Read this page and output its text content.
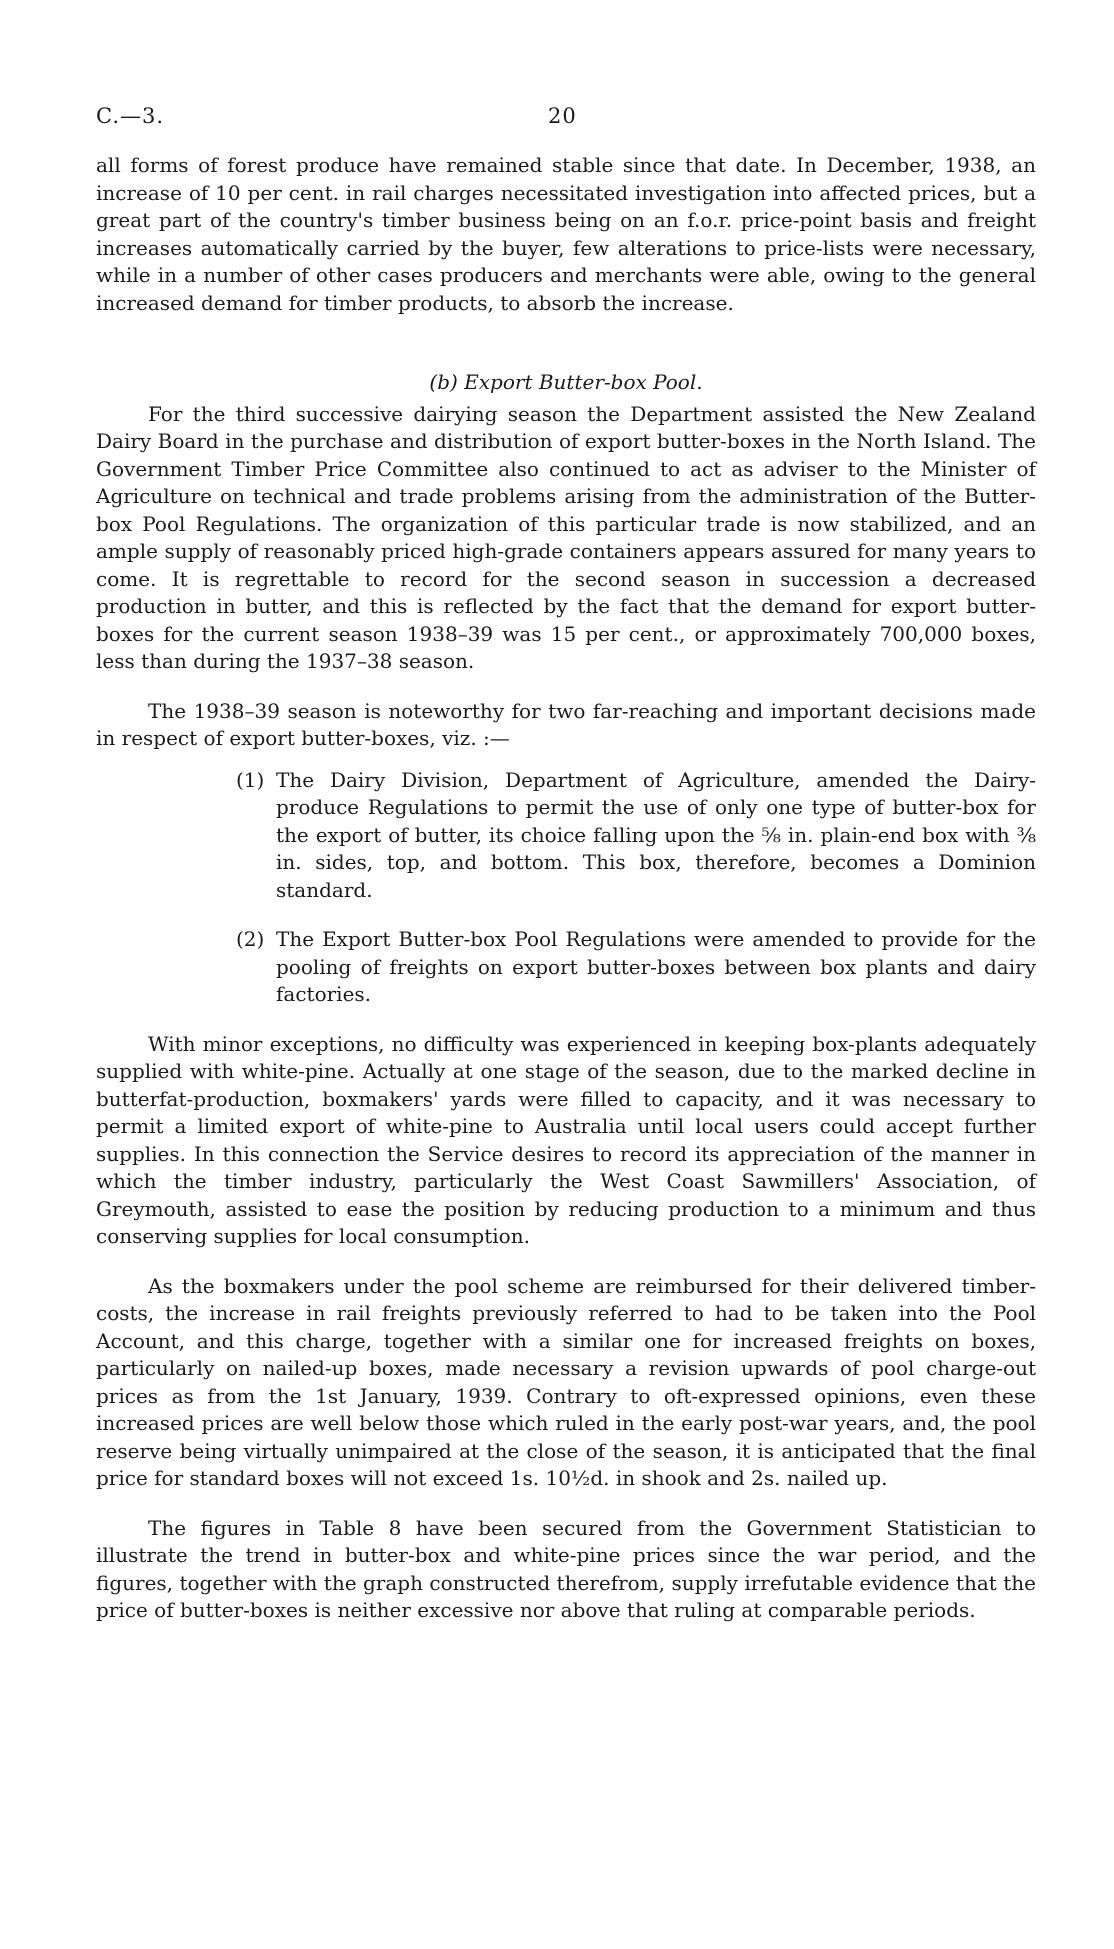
C.—3.	20

all forms of forest produce have remained stable since that date. In December, 1938, an increase of 10 per cent. in rail charges necessitated investigation into affected prices, but a great part of the country's timber business being on an f.o.r. price-point basis and freight increases automatically carried by the buyer, few alterations to price-lists were necessary, while in a number of other cases producers and merchants were able, owing to the general increased demand for timber products, to absorb the increase.

(b) Export Butter-box Pool.

For the third successive dairying season the Department assisted the New Zealand Dairy Board in the purchase and distribution of export butter-boxes in the North Island. The Government Timber Price Committee also continued to act as adviser to the Minister of Agriculture on technical and trade problems arising from the administration of the Butter-box Pool Regulations. The organization of this particular trade is now stabilized, and an ample supply of reasonably priced high-grade containers appears assured for many years to come. It is regrettable to record for the second season in succession a decreased production in butter, and this is reflected by the fact that the demand for export butter-boxes for the current season 1938–39 was 15 per cent., or approximately 700,000 boxes, less than during the 1937–38 season.

The 1938–39 season is noteworthy for two far-reaching and important decisions made in respect of export butter-boxes, viz. :—

(1) The Dairy Division, Department of Agriculture, amended the Dairy-produce Regulations to permit the use of only one type of butter-box for the export of butter, its choice falling upon the ⅝ in. plain-end box with ⅜ in. sides, top, and bottom. This box, therefore, becomes a Dominion standard.
(2) The Export Butter-box Pool Regulations were amended to provide for the pooling of freights on export butter-boxes between box plants and dairy factories.

With minor exceptions, no difficulty was experienced in keeping box-plants adequately supplied with white-pine. Actually at one stage of the season, due to the marked decline in butterfat-production, boxmakers' yards were filled to capacity, and it was necessary to permit a limited export of white-pine to Australia until local users could accept further supplies. In this connection the Service desires to record its appreciation of the manner in which the timber industry, particularly the West Coast Sawmillers' Association, of Greymouth, assisted to ease the position by reducing production to a minimum and thus conserving supplies for local consumption.

As the boxmakers under the pool scheme are reimbursed for their delivered timber-costs, the increase in rail freights previously referred to had to be taken into the Pool Account, and this charge, together with a similar one for increased freights on boxes, particularly on nailed-up boxes, made necessary a revision upwards of pool charge-out prices as from the 1st January, 1939. Contrary to oft-expressed opinions, even these increased prices are well below those which ruled in the early post-war years, and, the pool reserve being virtually unimpaired at the close of the season, it is anticipated that the final price for standard boxes will not exceed 1s. 10½d. in shook and 2s. nailed up.

The figures in Table 8 have been secured from the Government Statistician to illustrate the trend in butter-box and white-pine prices since the war period, and the figures, together with the graph constructed therefrom, supply irrefutable evidence that the price of butter-boxes is neither excessive nor above that ruling at comparable periods.
